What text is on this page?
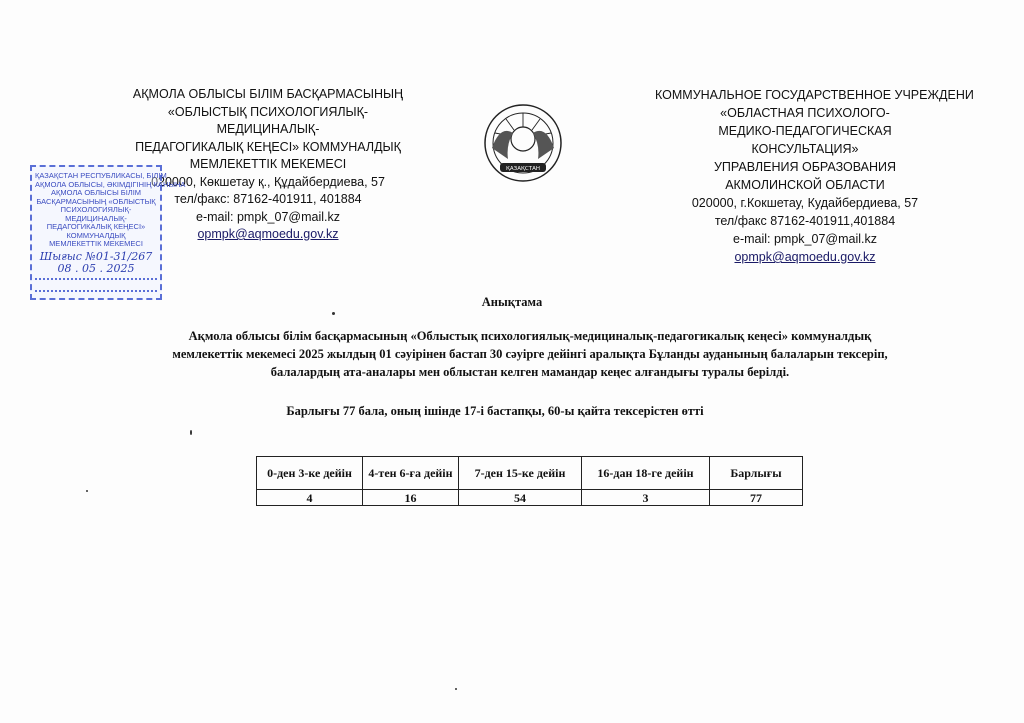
АҚМОЛА ОБЛЫСЫ БІЛІМ БАСҚАРМАСЫНЫҢ
«ОБЛЫСТЫҚ ПСИХОЛОГИЯЛЫҚ-
МЕДИЦИНАЛЫҚ-
ПЕДАГОГИКАЛЫҚ КЕҢЕСІ» КОММУНАЛДЫҚ
МЕМЛЕКЕТТІК МЕКЕМЕСІ
020000, Көкшетау қ., Құдайбердиева, 57
тел/факс: 87162-401911, 401884
e-mail: pmpk_07@mail.kz
opmpk@aqmoedu.gov.kz
ҚАЗАҚСТАН
КОММУНАЛЬНОЕ ГОСУДАРСТВЕННОЕ УЧРЕЖДЕНИ
«ОБЛАСТНАЯ ПСИХОЛОГО-
МЕДИКО-ПЕДАГОГИЧЕСКАЯ
КОНСУЛЬТАЦИЯ»
УПРАВЛЕНИЯ ОБРАЗОВАНИЯ
АКМОЛИНСКОЙ ОБЛАСТИ
020000, г.Кокшетау, Кудайбердиева, 57
тел/факс 87162-401911,401884
e-mail: pmpk_07@mail.kz
opmpk@aqmoedu.gov.kz
ҚАЗАҚСТАН РЕСПУБЛИКАСЫ, БІЛІМ
АҚМОЛА ОБЛЫСЫ, ӘКІМДІГІНІҢ КАНЫНА
АҚМОЛА ОБЛЫСЫ БІЛІМ
БАСҚАРМАСЫНЫҢ «ОБЛЫСТЫҚ
ПСИХОЛОГИЯЛЫҚ-
МЕДИЦИНАЛЫҚ-
ПЕДАГОГИКАЛЫҚ КЕҢЕСІ»
КОММУНАЛДЫҚ
МЕМЛЕКЕТТІК МЕКЕМЕСІ
Шығыс №01-31/267
08 . 05 . 2025
Анықтама
Ақмола облысы білім басқармасының «Облыстық психологиялық-медициналық-педагогикалық кеңесі» коммуналдық
мемлекеттік мекемесі 2025 жылдың 01 сәуірінен бастап 30 сәуірге дейінгі аралықта Бұланды ауданының балаларын тексеріп,
балалардың ата-аналары мен облыстан келген мамандар кеңес алғандығы туралы берілді.
Барлығы 77 бала, оның ішінде 17-і бастапқы, 60-ы қайта тексерістен өтті
0-ден 3-ке дейін	4-тен 6-ға дейін	7-ден 15-ке дейін	16-дан 18-ге дейін	Барлығы
4	16	54	3	77
